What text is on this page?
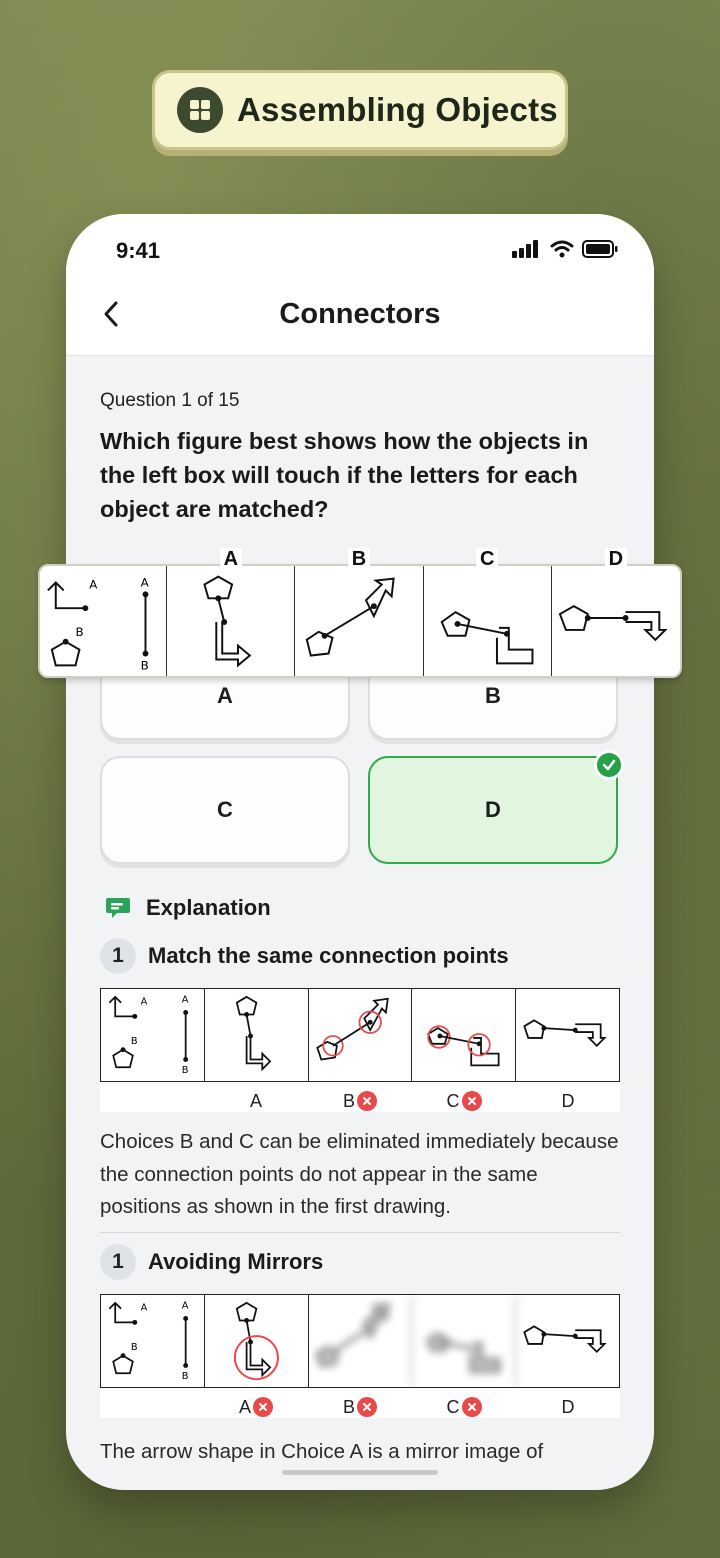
Assembling Objects
9:41
Connectors
Question 1 of 15
Which figure best shows how the objects in the left box will touch if the letters for each object are matched?
A	B
C	D
Explanation
1	Match the same connection points
A
B
A
B
A	B	C	D
Choices B and C can be eliminated immediately because the connection points do not appear in the same positions as shown in the first drawing.
1	Avoiding Mirrors
A
B
A
B
A	B	C	D
The arrow shape in Choice A is a mirror image of
A
B
A
B
A	B	C	D
